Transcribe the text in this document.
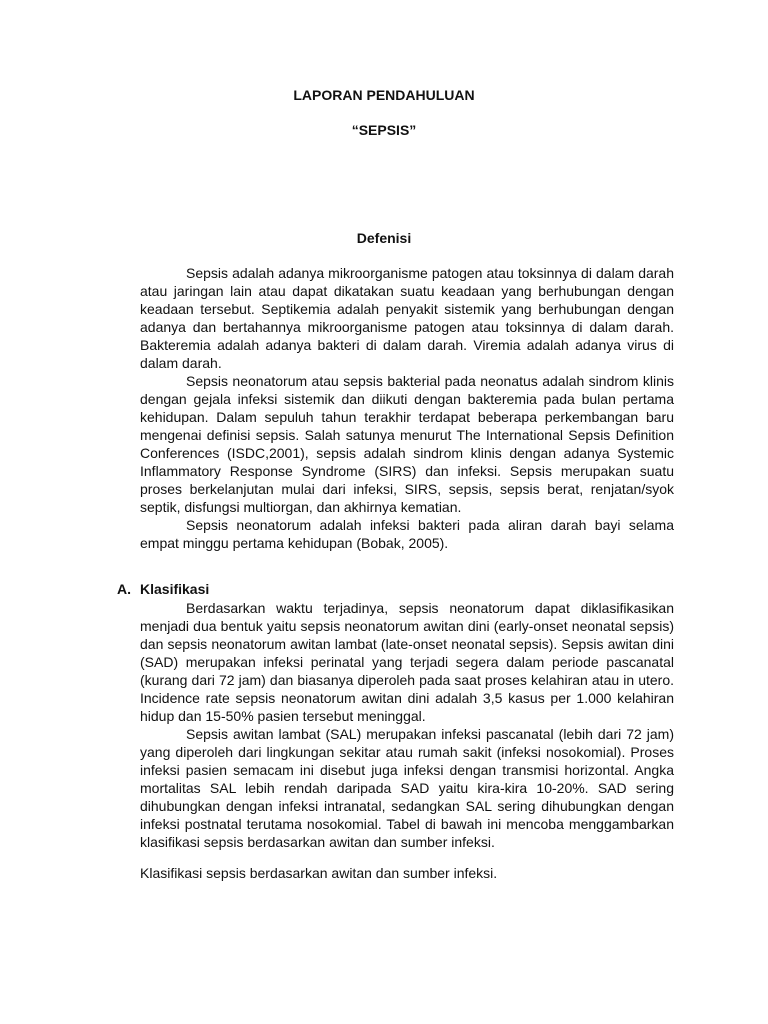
LAPORAN PENDAHULUAN
“SEPSIS”
Defenisi

Sepsis adalah adanya mikroorganisme patogen atau toksinnya di dalam darah atau jaringan lain atau dapat dikatakan suatu keadaan yang berhubungan dengan keadaan tersebut. Septikemia adalah penyakit sistemik yang berhubungan dengan adanya dan bertahannya mikroorganisme patogen atau toksinnya di dalam darah. Bakteremia adalah adanya bakteri di dalam darah. Viremia adalah adanya virus di dalam darah.

Sepsis neonatorum atau sepsis bakterial pada neonatus adalah sindrom klinis dengan gejala infeksi sistemik dan diikuti dengan bakteremia pada bulan pertama kehidupan. Dalam sepuluh tahun terakhir terdapat beberapa perkembangan baru mengenai definisi sepsis. Salah satunya menurut The International Sepsis Definition Conferences (ISDC,2001), sepsis adalah sindrom klinis dengan adanya Systemic Inflammatory Response Syndrome (SIRS) dan infeksi. Sepsis merupakan suatu proses berkelanjutan mulai dari infeksi, SIRS, sepsis, sepsis berat, renjatan/syok septik, disfungsi multiorgan, dan akhirnya kematian.

Sepsis neonatorum adalah infeksi bakteri pada aliran darah bayi selama empat minggu pertama kehidupan (Bobak, 2005).

A. Klasifikasi

Berdasarkan waktu terjadinya, sepsis neonatorum dapat diklasifikasikan menjadi dua bentuk yaitu sepsis neonatorum awitan dini (early-onset neonatal sepsis) dan sepsis neonatorum awitan lambat (late-onset neonatal sepsis). Sepsis awitan dini (SAD) merupakan infeksi perinatal yang terjadi segera dalam periode pascanatal (kurang dari 72 jam) dan biasanya diperoleh pada saat proses kelahiran atau in utero. Incidence rate sepsis neonatorum awitan dini adalah 3,5 kasus per 1.000 kelahiran hidup dan 15-50% pasien tersebut meninggal.

Sepsis awitan lambat (SAL) merupakan infeksi pascanatal (lebih dari 72 jam) yang diperoleh dari lingkungan sekitar atau rumah sakit (infeksi nosokomial). Proses infeksi pasien semacam ini disebut juga infeksi dengan transmisi horizontal. Angka mortalitas SAL lebih rendah daripada SAD yaitu kira-kira 10-20%. SAD sering dihubungkan dengan infeksi intranatal, sedangkan SAL sering dihubungkan dengan infeksi postnatal terutama nosokomial. Tabel di bawah ini mencoba menggambarkan klasifikasi sepsis berdasarkan awitan dan sumber infeksi.

Klasifikasi sepsis berdasarkan awitan dan sumber infeksi.
